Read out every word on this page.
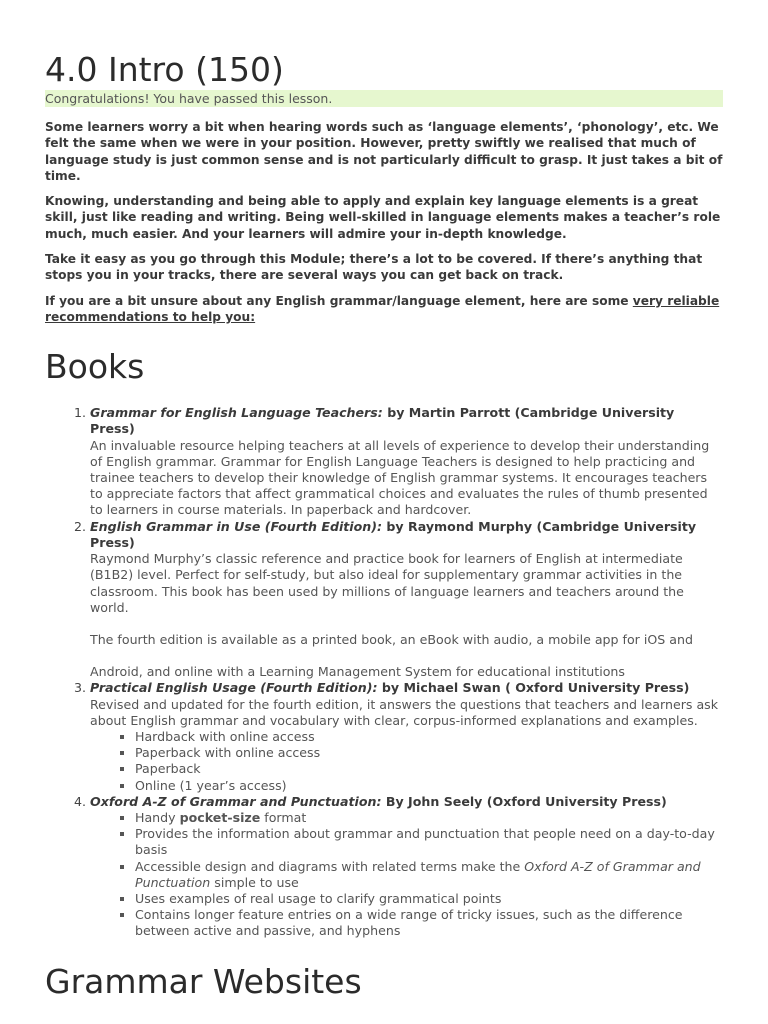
4.0 Intro (150)
Congratulations! You have passed this lesson.

Some learners worry a bit when hearing words such as ‘language elements’, ‘phonology’, etc. We felt the same when we were in your position. However, pretty swiftly we realised that much of language study is just common sense and is not particularly difficult to grasp. It just takes a bit of time.

Knowing, understanding and being able to apply and explain key language elements is a great skill, just like reading and writing. Being well-skilled in language elements makes a teacher’s role much, much easier. And your learners will admire your in-depth knowledge.

Take it easy as you go through this Module; there’s a lot to be covered. If there’s anything that stops you in your tracks, there are several ways you can get back on track.

If you are a bit unsure about any English grammar/language element, here are some very reliable recommendations to help you:

Books
1. Grammar for English Language Teachers: by Martin Parrott (Cambridge University Press)
An invaluable resource helping teachers at all levels of experience to develop their understanding of English grammar. Grammar for English Language Teachers is designed to help practicing and trainee teachers to develop their knowledge of English grammar systems. It encourages teachers to appreciate factors that affect grammatical choices and evaluates the rules of thumb presented to learners in course materials. In paperback and hardcover.
2. English Grammar in Use (Fourth Edition): by Raymond Murphy (Cambridge University Press)
Raymond Murphy’s classic reference and practice book for learners of English at intermediate (B1B2) level. Perfect for self-study, but also ideal for supplementary grammar activities in the classroom. This book has been used by millions of language learners and teachers around the world.
The fourth edition is available as a printed book, an eBook with audio, a mobile app for iOS and
Android, and online with a Learning Management System for educational institutions
3. Practical English Usage (Fourth Edition): by Michael Swan ( Oxford University Press)
Revised and updated for the fourth edition, it answers the questions that teachers and learners ask about English grammar and vocabulary with clear, corpus-informed explanations and examples.
▪ Hardback with online access
▪ Paperback with online access
▪ Paperback
▪ Online (1 year’s access)
4. Oxford A-Z of Grammar and Punctuation: By John Seely (Oxford University Press)
▪ Handy pocket-size format
▪ Provides the information about grammar and punctuation that people need on a day-to-day basis
▪ Accessible design and diagrams with related terms make the Oxford A-Z of Grammar and Punctuation simple to use
▪ Uses examples of real usage to clarify grammatical points
▪ Contains longer feature entries on a wide range of tricky issues, such as the difference between active and passive, and hyphens
Grammar Websites
